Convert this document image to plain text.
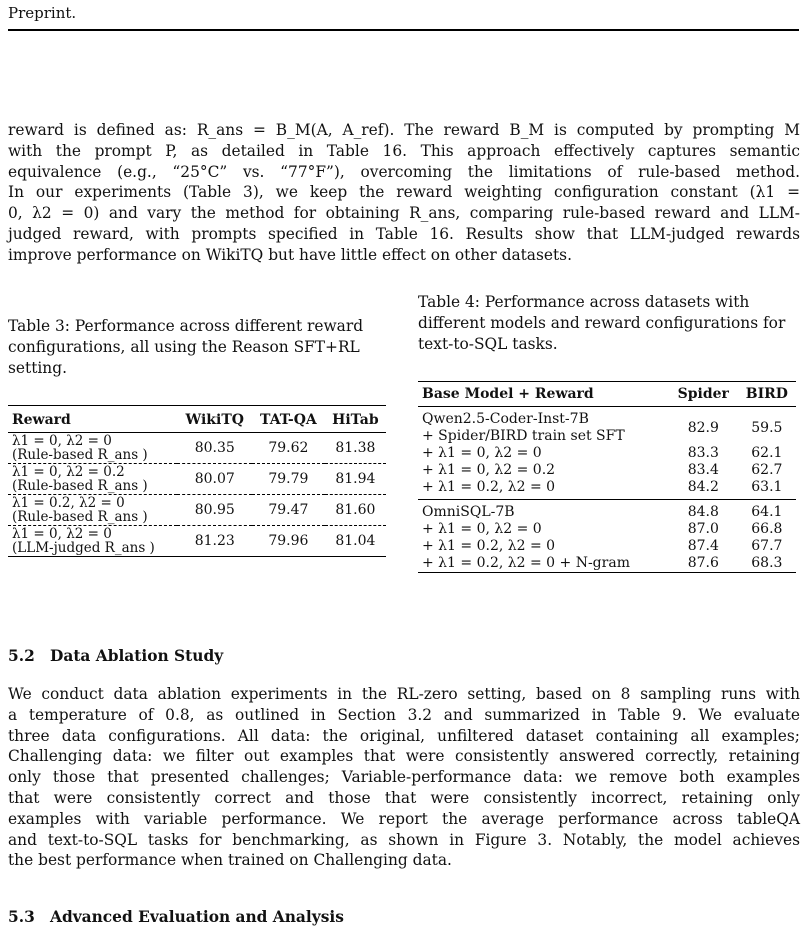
Preprint.

reward is defined as: R_ans = B_M(A, A_ref). The reward B_M is computed by prompting M
with the prompt P, as detailed in Table 16. This approach effectively captures semantic
equivalence (e.g., “25°C” vs. “77°F”), overcoming the limitations of rule-based method.
In our experiments (Table 3), we keep the reward weighting configuration constant (λ1 =
0, λ2 = 0) and vary the method for obtaining R_ans, comparing rule-based reward and LLM-
judged reward, with prompts specified in Table 16. Results show that LLM-judged rewards
improve performance on WikiTQ but have little effect on other datasets.

Table 3: Performance across different reward configurations, all using the Reason SFT+RL setting.

Reward	WikiTQ	TAT-QA	HiTab

λ1 = 0, λ2 = 0
(Rule-based R_ans )	80.35	79.62	81.38

λ1 = 0, λ2 = 0.2
(Rule-based R_ans )	80.07	79.79	81.94

λ1 = 0.2, λ2 = 0
(Rule-based R_ans )	80.95	79.47	81.60

λ1 = 0, λ2 = 0
(LLM-judged R_ans )	81.23	79.96	81.04

Table 4: Performance across datasets with different models and reward configurations for text-to-SQL tasks.

Base Model + Reward	Spider	BIRD

Qwen2.5-Coder-Inst-7B
+ Spider/BIRD train set SFT	82.9	59.5

+ λ1 = 0, λ2 = 0	83.3	62.1

+ λ1 = 0, λ2 = 0.2	83.4	62.7

+ λ1 = 0.2, λ2 = 0	84.2	63.1

OmniSQL-7B	84.8	64.1

+ λ1 = 0, λ2 = 0	87.0	66.8

+ λ1 = 0.2, λ2 = 0	87.4	67.7

+ λ1 = 0.2, λ2 = 0 + N-gram	87.6	68.3
5.2 Data Ablation Study

We conduct data ablation experiments in the RL-zero setting, based on 8 sampling runs with
a temperature of 0.8, as outlined in Section 3.2 and summarized in Table 9. We evaluate
three data configurations. All data: the original, unfiltered dataset containing all examples;
Challenging data: we filter out examples that were consistently answered correctly, retaining
only those that presented challenges; Variable-performance data: we remove both examples
that were consistently correct and those that were consistently incorrect, retaining only
examples with variable performance. We report the average performance across tableQA
and text-to-SQL tasks for benchmarking, as shown in Figure 3. Notably, the model achieves
the best performance when trained on Challenging data.

5.3 Advanced Evaluation and Analysis
